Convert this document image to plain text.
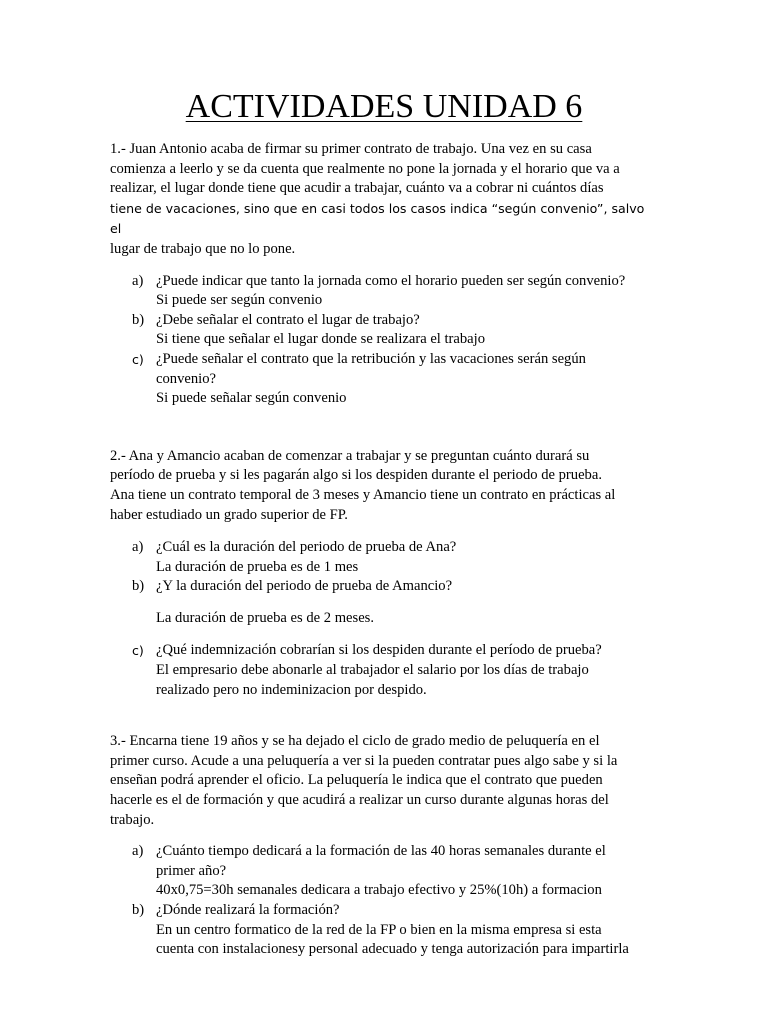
ACTIVIDADES UNIDAD 6

1.- Juan Antonio acaba de firmar su primer contrato de trabajo. Una vez en su casa
comienza a leerlo y se da cuenta que realmente no pone la jornada y el horario que va a
realizar, el lugar donde tiene que acudir a trabajar, cuánto va a cobrar ni cuántos días
tiene de vacaciones, sino que en casi todos los casos indica “según convenio”, salvo el
lugar de trabajo que no lo pone.

a) ¿Puede indicar que tanto la jornada como el horario pueden ser según convenio?
Si puede ser según convenio
b) ¿Debe señalar el contrato el lugar de trabajo?
Si tiene que señalar el lugar donde se realizara el trabajo
c) ¿Puede señalar el contrato que la retribución y las vacaciones serán según
convenio?
Si puede señalar según convenio

2.- Ana y Amancio acaban de comenzar a trabajar y se preguntan cuánto durará su
período de prueba y si les pagarán algo si los despiden durante el periodo de prueba.
Ana tiene un contrato temporal de 3 meses y Amancio tiene un contrato en prácticas al
haber estudiado un grado superior de FP.

a) ¿Cuál es la duración del periodo de prueba de Ana?
La duración de prueba es de 1 mes
b) ¿Y la duración del periodo de prueba de Amancio?
La duración de prueba es de 2 meses.
c) ¿Qué indemnización cobrarían si los despiden durante el período de prueba?
El empresario debe abonarle al trabajador el salario por los días de trabajo
realizado pero no indeminizacion por despido.

3.- Encarna tiene 19 años y se ha dejado el ciclo de grado medio de peluquería en el
primer curso. Acude a una peluquería a ver si la pueden contratar pues algo sabe y si la
enseñan podrá aprender el oficio. La peluquería le indica que el contrato que pueden
hacerle es el de formación y que acudirá a realizar un curso durante algunas horas del
trabajo.

a) ¿Cuánto tiempo dedicará a la formación de las 40 horas semanales durante el
primer año?
40x0,75=30h semanales dedicara a trabajo efectivo y 25%(10h) a formacion
b) ¿Dónde realizará la formación?
En un centro formatico de la red de la FP o bien en la misma empresa si esta
cuenta con instalacionesy personal adecuado y tenga autorización para impartirla
